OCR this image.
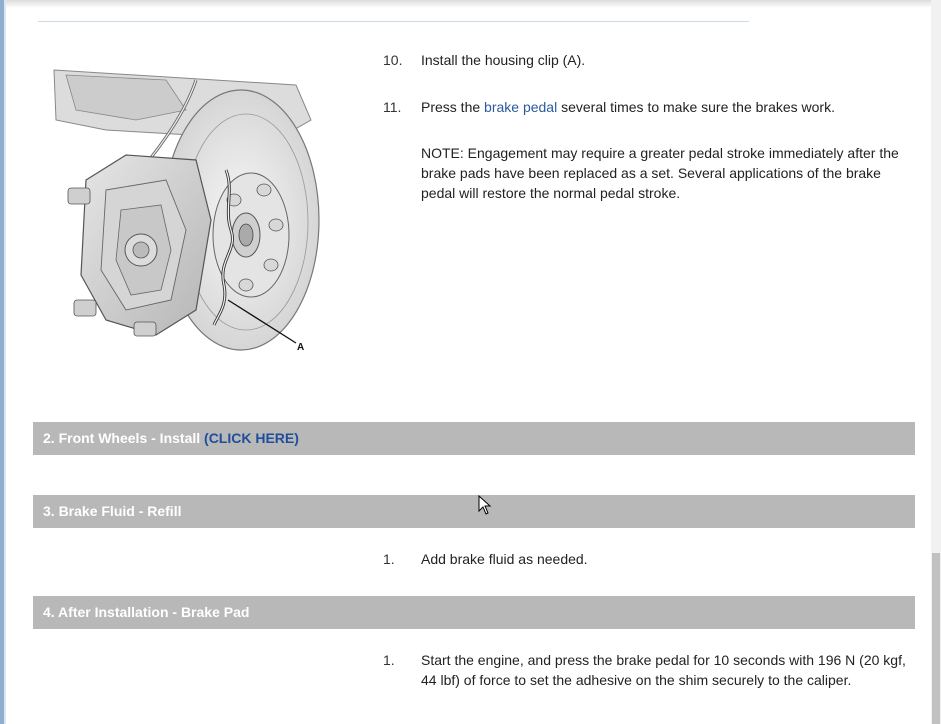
A
10.	Install the housing clip (A).
11.	Press the brake pedal several times to make sure the brakes work.
NOTE: Engagement may require a greater pedal stroke immediately after the brake pads have been replaced as a set. Several applications of the brake pedal will restore the normal pedal stroke.
2. Front Wheels - Install (CLICK HERE)
3. Brake Fluid - Refill
1.	Add brake fluid as needed.
4. After Installation - Brake Pad
1.	Start the engine, and press the brake pedal for 10 seconds with 196 N (20 kgf, 44 lbf) of force to set the adhesive on the shim securely to the caliper.
